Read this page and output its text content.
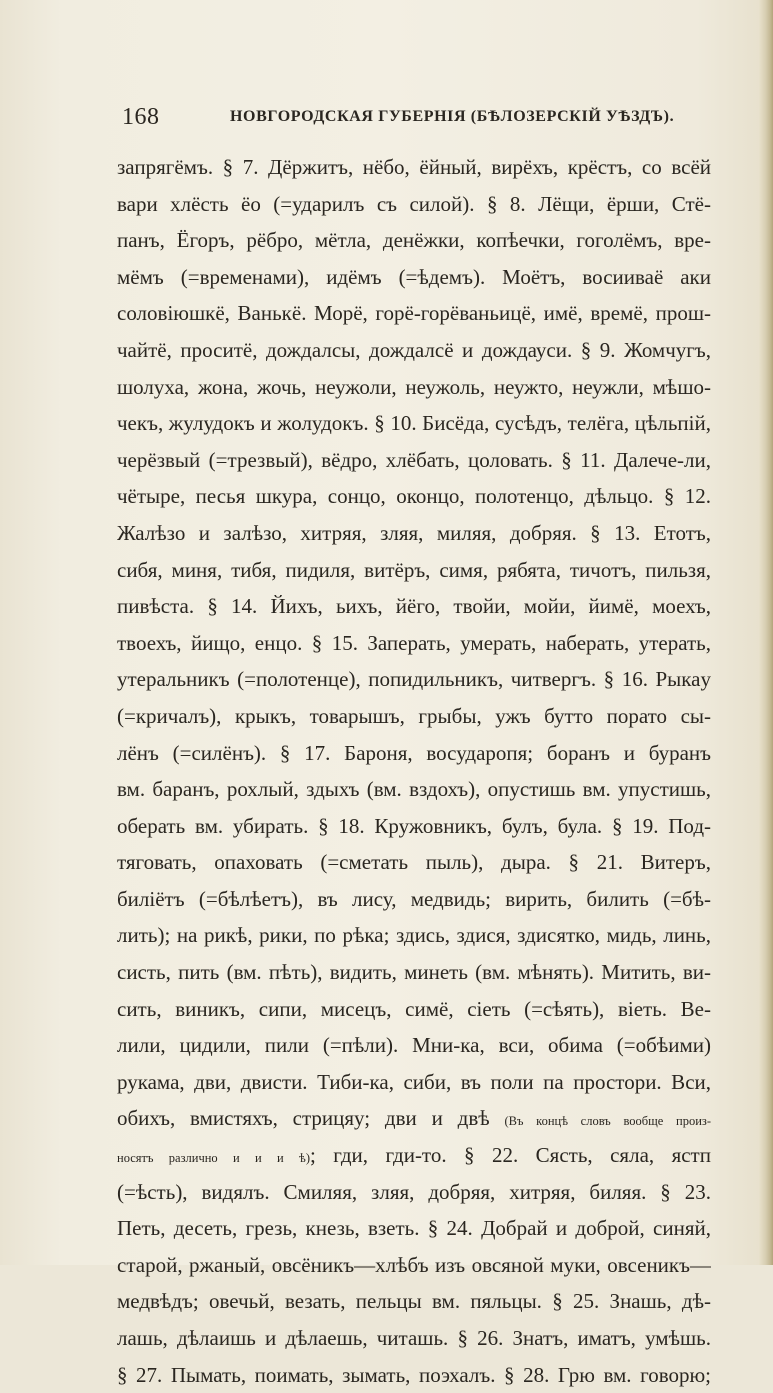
168	НОВГОРОДСКАЯ ГУБЕРНІЯ (БѢЛОЗЕРСКІЙ УѢЗДЪ).
запрягёмъ. § 7. Дёржитъ, нёбо, ёйный, вирёхъ, крёстъ, со всёй
вари хлёсть ёо (=ударилъ съ силой). § 8. Лёщи, ёрши, Стё-
панъ, Ёгоръ, рёбро, мётла, денёжки, копѣечки, гоголёмъ, вре-
мёмъ (=временами), идёмъ (=ѣдемъ). Моётъ, восииваё аки
соловіюшкё, Ванькё. Морё, горё-горёваньицё, имё, времё, прош-
чайтё, проситё, дождалсы, дождалсё и дождауси. § 9. Жомчугъ,
шолуха, жона, жочь, неужоли, неужоль, неужто, неужли, мѣшо-
чекъ, жулудокъ и жолудокъ. § 10. Бисёда, сусѣдъ, телёга, цѣльпій,
черёзвый (=трезвый), вёдро, хлёбать, цоловать. § 11. Далече-ли,
чётыре, песья шкура, сонцо, оконцо, полотенцо, дѣльцо. § 12.
Жалѣзо и залѣзо, хитряя, зляя, миляя, добряя. § 13. Етотъ,
сибя, миня, тибя, пидиля, витёръ, симя, рябята, тичотъ, пильзя,
пивѣста. § 14. Йихъ, ьихъ, йёго, твойи, мойи, йимё, моехъ,
твоехъ, йищо, енцо. § 15. Заперать, умерать, наберать, утерать,
утеральникъ (=полотенце), попидильникъ, читвергъ. § 16. Рыкаy
(=кричалъ), крыкъ, товарышъ, грыбы, ужъ бутто порато сы-
лёнъ (=силёнъ). § 17. Бароня, восударопя; боранъ и буранъ
вм. баранъ, рохлый, здыхъ (вм. вздохъ), опустишь вм. упустишь,
оберать вм. убирать. § 18. Кружовникъ, булъ, була. § 19. Под-
тяговать, опаховать (=сметать пыль), дыра. § 21. Витеръ,
биліётъ (=бѣлѣетъ), въ лису, медвидь; вирить, билить (=бѣ-
лить); на рикѣ, рики, по рѣка; здись, здися, здисятко, мидь, линь,
систь, пить (вм. пѣть), видить, минеть (вм. мѣнять). Митить, ви-
сить, виникъ, сипи, мисецъ, симё, сіеть (=сѣять), віеть. Ве-
лили, цидили, пили (=пѣли). Мни-ка, вси, обима (=обѣими)
рукама, дви, двисти. Тиби-ка, сиби, въ поли па простори. Вси,
обихъ, вмистяхъ, стрицяу; дви и двѣ (Въ концѣ словъ вообще произ-
носятъ различно и и и ѣ); гди, гди-то. § 22. Сясть, сяла, ястп
(=ѣсть), видялъ. Смиляя, зляя, добряя, хитряя, биляя. § 23.
Петь, десеть, грезь, кнезь, взеть. § 24. Добрай и доброй, синяй,
старой, ржаный, овсёникъ—хлѣбъ изъ овсяной муки, овсеникъ—
медвѣдъ; овечьй, везать, пельцы вм. пяльцы. § 25. Знашь, дѣ-
лашь, дѣлаишь и дѣлаешь, читашь. § 26. Знатъ, иматъ, умѣшь.
§ 27. Пымать, поимать, зымать, поэхалъ. § 28. Грю вм. говорю;
